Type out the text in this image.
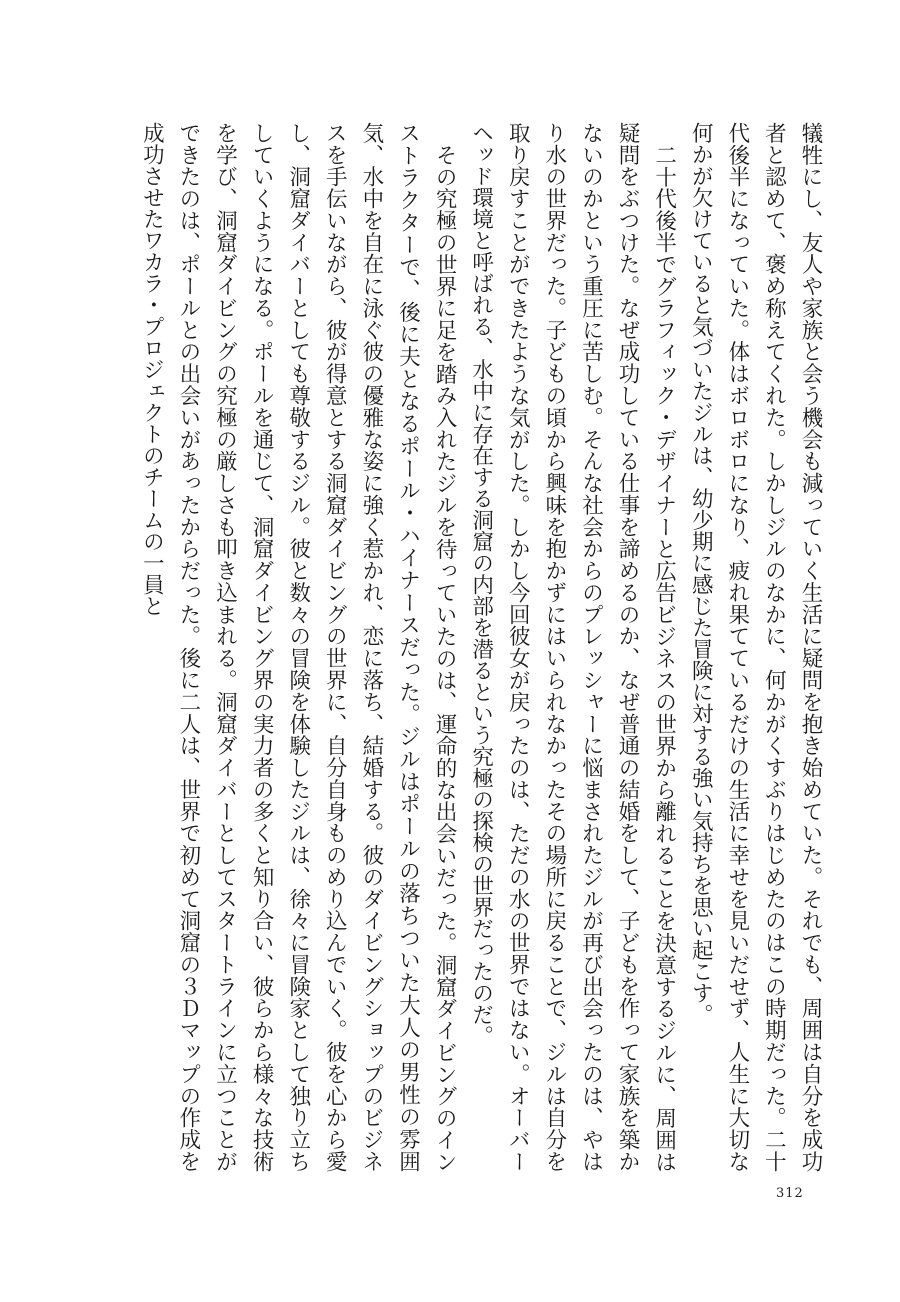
犠牲にし、友人や家族と会う機会も減っていく生活に疑問を抱き始めていた。それでも、周囲は自分を成功者と認めて、褒め称えてくれた。しかしジルのなかに、何かがくすぶりはじめたのはこの時期だった。二十代後半になっていた。体はボロボロになり、疲れ果てているだけの生活に幸せを見いだせず、人生に大切な何かが欠けていると気づいたジルは、幼少期に感じた冒険に対する強い気持ちを思い起こす。

二十代後半でグラフィック・デザイナーと広告ビジネスの世界から離れることを決意するジルに、周囲は疑問をぶつけた。なぜ成功している仕事を諦めるのか、なぜ普通の結婚をして、子どもを作って家族を築かないのかという重圧に苦しむ。そんな社会からのプレッシャーに悩まされたジルが再び出会ったのは、やはり水の世界だった。子どもの頃から興味を抱かずにはいられなかったその場所に戻ることで、ジルは自分を取り戻すことができたような気がした。しかし今回彼女が戻ったのは、ただの水の世界ではない。オーバーヘッド環境と呼ばれる、水中に存在する洞窟の内部を潜るという究極の探検の世界だったのだ。

その究極の世界に足を踏み入れたジルを待っていたのは、運命的な出会いだった。洞窟ダイビングのインストラクターで、後に夫となるポール・ハイナースだった。ジルはポールの落ちついた大人の男性の雰囲気、水中を自在に泳ぐ彼の優雅な姿に強く惹かれ、恋に落ち、結婚する。彼のダイビングショップのビジネスを手伝いながら、彼が得意とする洞窟ダイビングの世界に、自分自身ものめり込んでいく。彼を心から愛し、洞窟ダイバーとしても尊敬するジル。彼と数々の冒険を体験したジルは、徐々に冒険家として独り立ちしていくようになる。ポールを通じて、洞窟ダイビング界の実力者の多くと知り合い、彼らから様々な技術を学び、洞窟ダイビングの究極の厳しさも叩き込まれる。洞窟ダイバーとしてスタートラインに立つことができたのは、ポールとの出会いがあったからだった。後に二人は、世界で初めて洞窟の３Ｄマップの作成を成功させたワカラ・プロジェクトのチームの一員と

312
